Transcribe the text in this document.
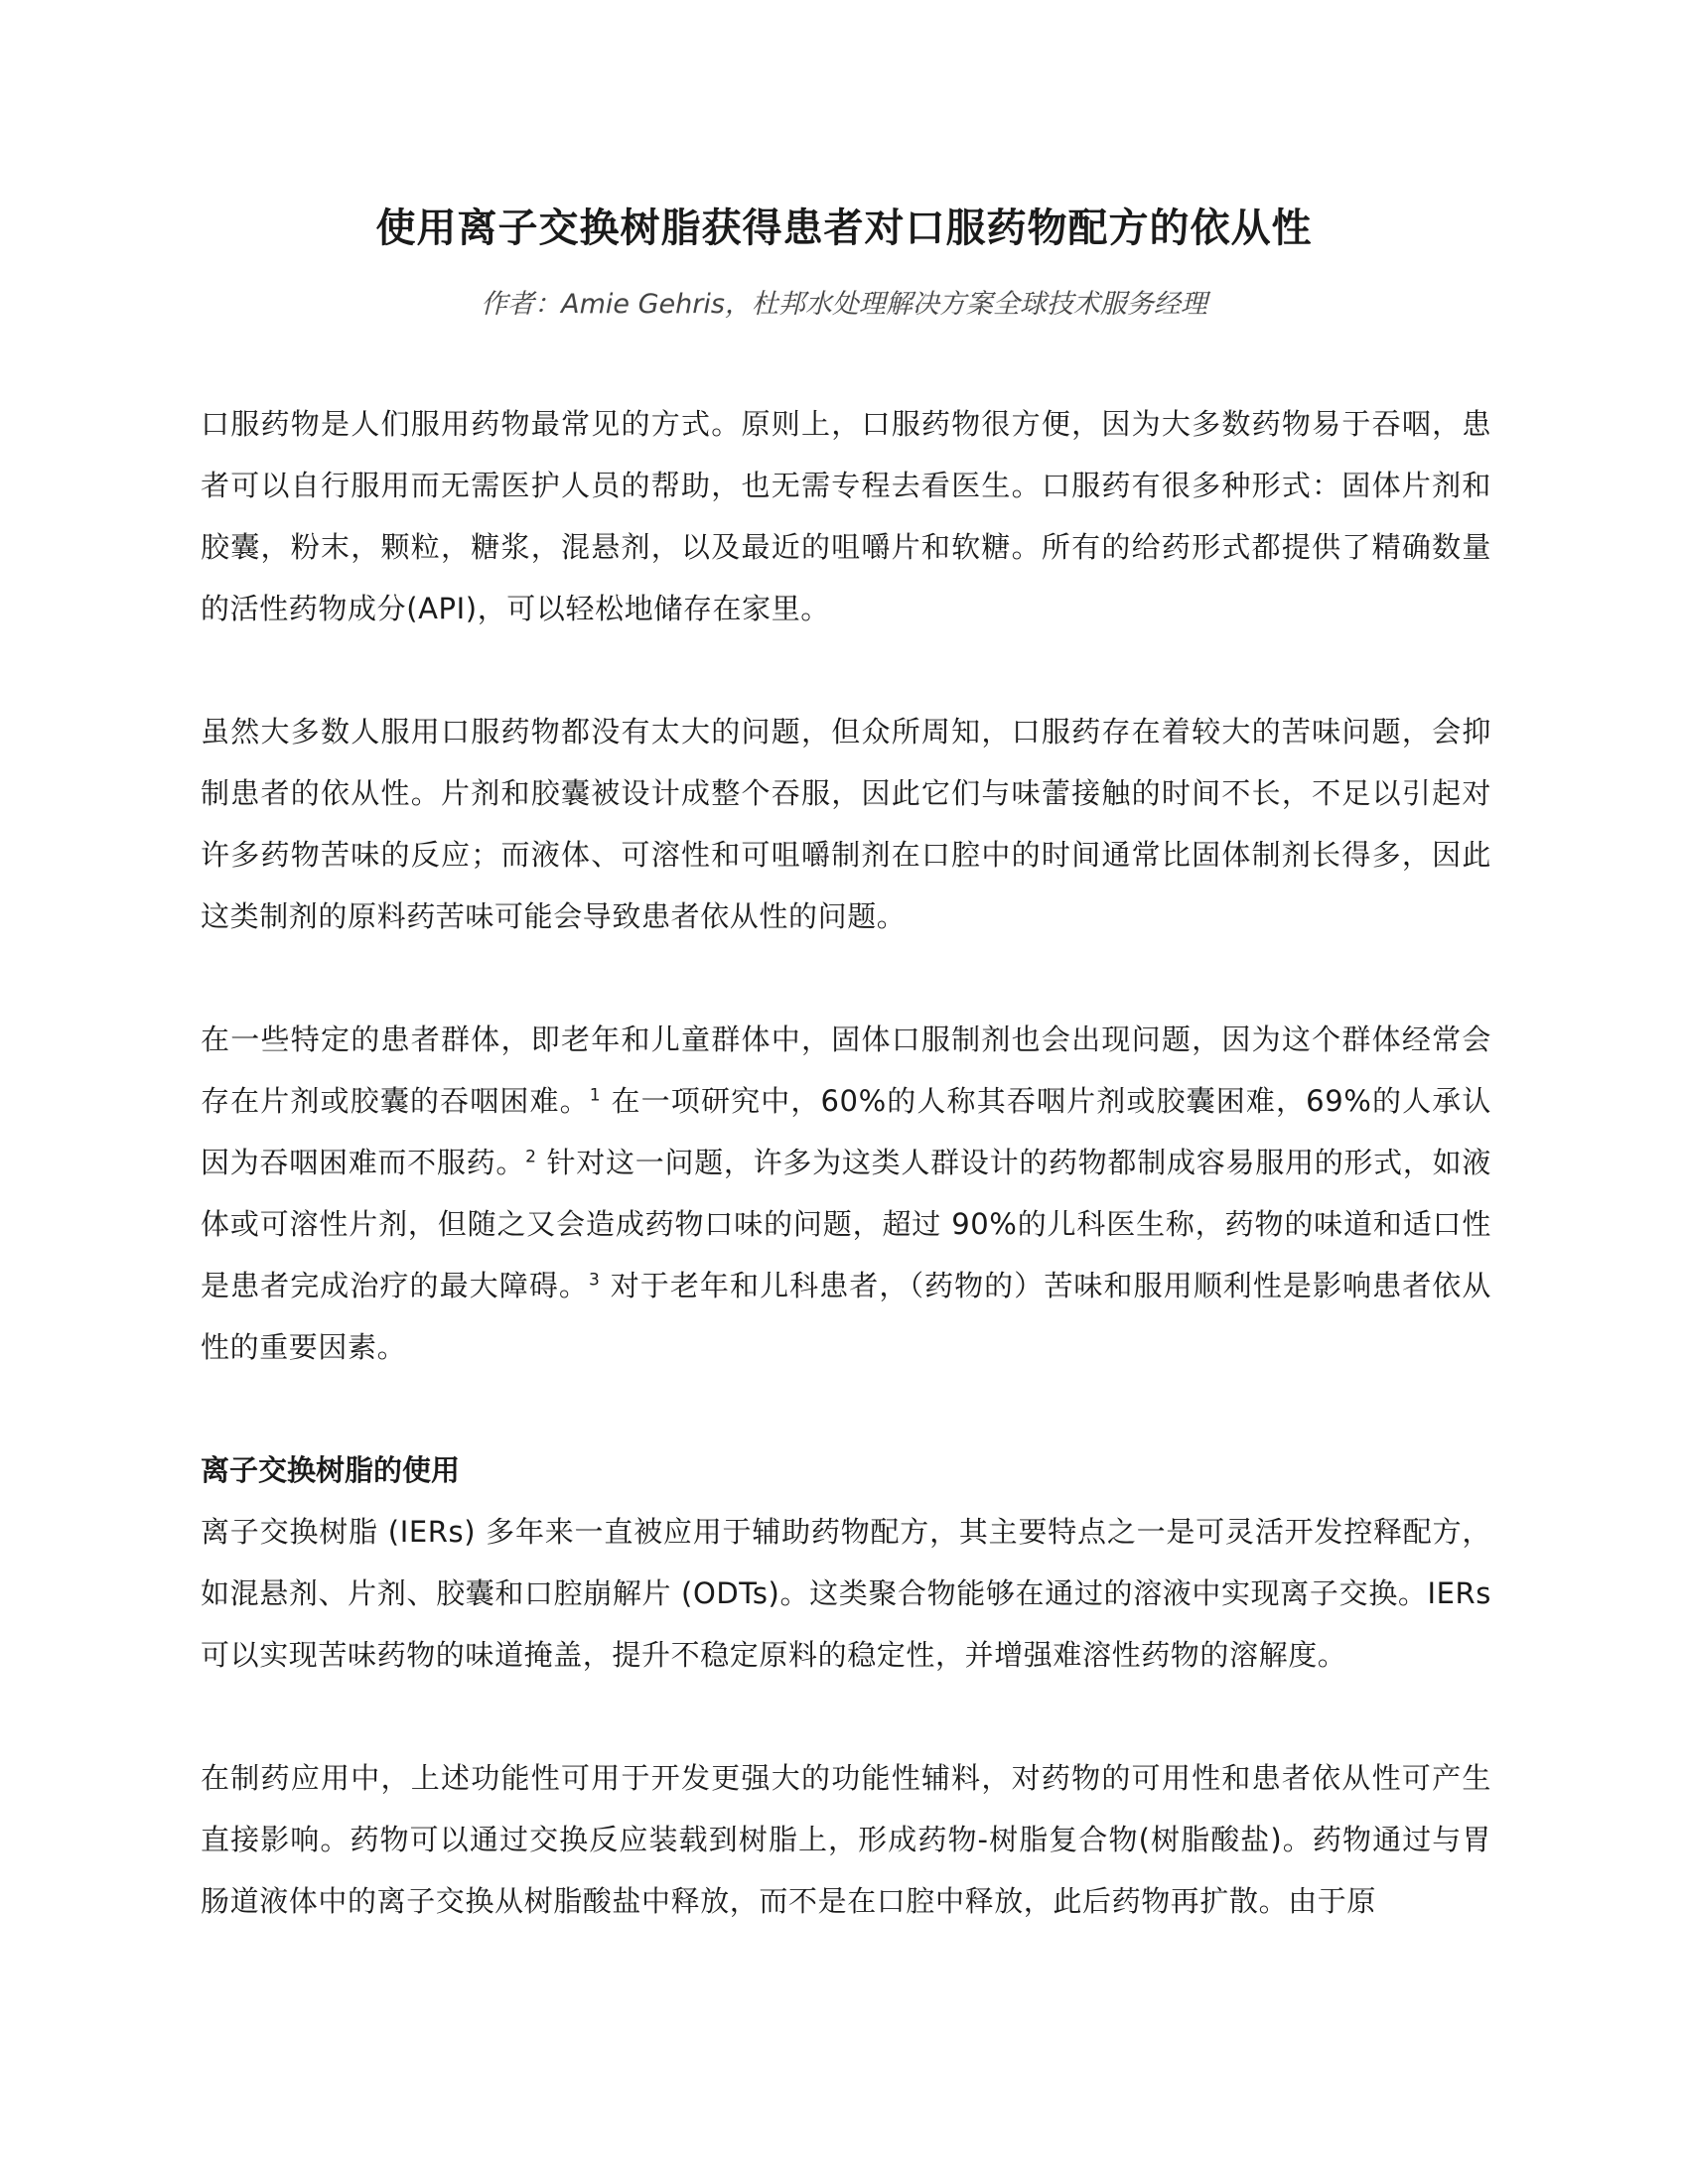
使用离子交换树脂获得患者对口服药物配方的依从性

作者：Amie Gehris，杜邦水处理解决方案全球技术服务经理

口服药物是人们服用药物最常见的方式。原则上，口服药物很方便，因为大多数药物易于吞咽，患者可以自行服用而无需医护人员的帮助，也无需专程去看医生。口服药有很多种形式：固体片剂和胶囊，粉末，颗粒，糖浆，混悬剂，以及最近的咀嚼片和软糖。所有的给药形式都提供了精确数量的活性药物成分(API)，可以轻松地储存在家里。

虽然大多数人服用口服药物都没有太大的问题，但众所周知，口服药存在着较大的苦味问题，会抑制患者的依从性。片剂和胶囊被设计成整个吞服，因此它们与味蕾接触的时间不长，不足以引起对许多药物苦味的反应；而液体、可溶性和可咀嚼制剂在口腔中的时间通常比固体制剂长得多，因此这类制剂的原料药苦味可能会导致患者依从性的问题。

在一些特定的患者群体，即老年和儿童群体中，固体口服制剂也会出现问题，因为这个群体经常会存在片剂或胶囊的吞咽困难。$^1$ 在一项研究中，60%的人称其吞咽片剂或胶囊困难，69%的人承认因为吞咽困难而不服药。$^2$ 针对这一问题，许多为这类人群设计的药物都制成容易服用的形式，如液体或可溶性片剂，但随之又会造成药物口味的问题，超过 90%的儿科医生称，药物的味道和适口性是患者完成治疗的最大障碍。$^3$ 对于老年和儿科患者，（药物的）苦味和服用顺利性是影响患者依从性的重要因素。

离子交换树脂的使用

离子交换树脂 (IERs) 多年来一直被应用于辅助药物配方，其主要特点之一是可灵活开发控释配方，如混悬剂、片剂、胶囊和口腔崩解片 (ODTs)。这类聚合物能够在通过的溶液中实现离子交换。IERs 可以实现苦味药物的味道掩盖，提升不稳定原料的稳定性，并增强难溶性药物的溶解度。

在制药应用中，上述功能性可用于开发更强大的功能性辅料，对药物的可用性和患者依从性可产生直接影响。药物可以通过交换反应装载到树脂上，形成药物-树脂复合物(树脂酸盐)。药物通过与胃肠道液体中的离子交换从树脂酸盐中释放，而不是在口腔中释放，此后药物再扩散。由于原
